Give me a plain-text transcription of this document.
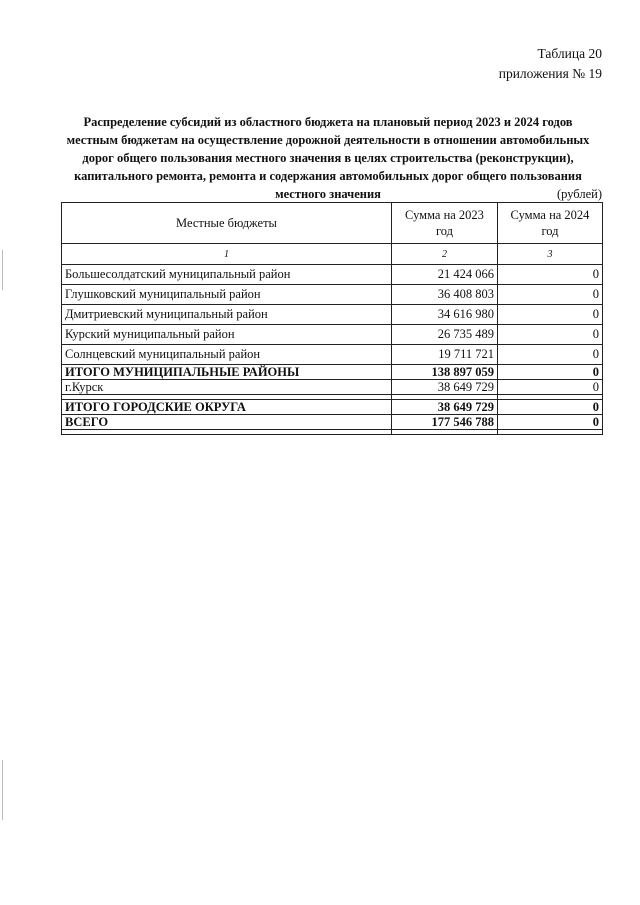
Таблица 20
приложения № 19
Распределение субсидий из областного бюджета на плановый период 2023 и 2024 годов местным бюджетам на осуществление дорожной деятельности в отношении автомобильных дорог общего пользования местного значения в целях строительства (реконструкции), капитального ремонта, ремонта и содержания автомобильных дорог общего пользования местного значения	(рублей)
Местные бюджеты	Сумма на 2023 год	Сумма на 2024 год
1	2	3
Большесолдатский муниципальный район	21 424 066	0
Глушковский муниципальный район	36 408 803	0
Дмитриевский муниципальный район	34 616 980	0
Курский муниципальный район	26 735 489	0
Солнцевский муниципальный район	19 711 721	0
ИТОГО МУНИЦИПАЛЬНЫЕ РАЙОНЫ	138 897 059	0
г.Курск	38 649 729	0

ИТОГО ГОРОДСКИЕ ОКРУГА	38 649 729	0
ВСЕГО	177 546 788	0
